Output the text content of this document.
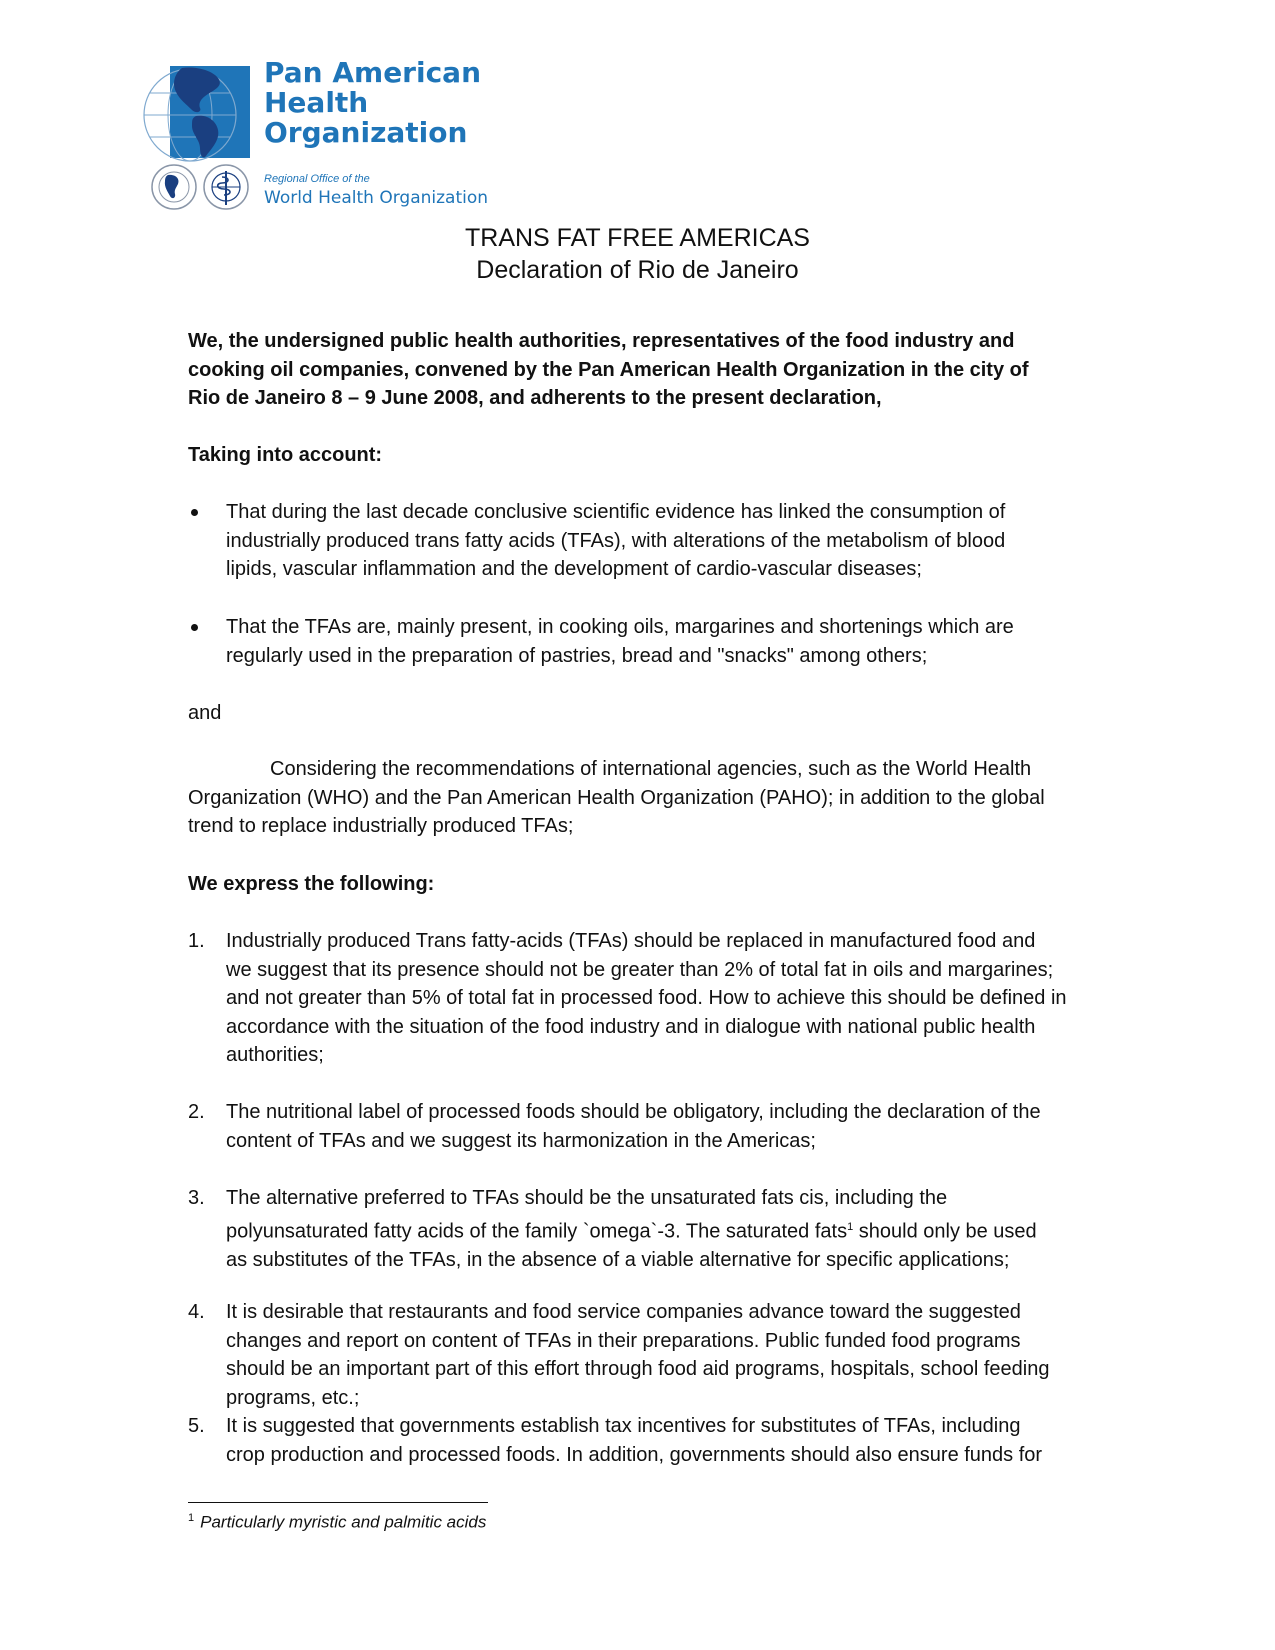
Pan American
Health
Organization
Regional Office of the
World Health Organization
TRANS FAT FREE AMERICAS
Declaration of Rio de Janeiro
We, the undersigned public health authorities, representatives of the food industry and
cooking oil companies, convened by the Pan American Health Organization in the city of
Rio de Janeiro 8 – 9 June 2008, and adherents to the present declaration,
Taking into account:
That during the last decade conclusive scientific evidence has linked the consumption of
industrially produced trans fatty acids (TFAs), with alterations of the metabolism of blood
lipids, vascular inflammation and the development of cardio-vascular diseases;
That the TFAs are, mainly present, in cooking oils, margarines and shortenings which are
regularly used in the preparation of pastries, bread and "snacks" among others;
and
Considering the recommendations of international agencies, such as the World Health
Organization (WHO) and the Pan American Health Organization (PAHO); in addition to the global
trend to replace industrially produced TFAs;
We express the following:
1.	Industrially produced Trans fatty-acids (TFAs) should be replaced in manufactured food and
we suggest that its presence should not be greater than 2% of total fat in oils and margarines;
and not greater than 5% of total fat in processed food. How to achieve this should be defined in
accordance with the situation of the food industry and in dialogue with national public health
authorities;
2.	The nutritional label of processed foods should be obligatory, including the declaration of the
content of TFAs and we suggest its harmonization in the Americas;
3.	The alternative preferred to TFAs should be the unsaturated fats cis, including the
polyunsaturated fatty acids of the family `omega`-3. The saturated fats$^1$ should only be used
as substitutes of the TFAs, in the absence of a viable alternative for specific applications;
4.	It is desirable that restaurants and food service companies advance toward the suggested
changes and report on content of TFAs in their preparations. Public funded food programs
should be an important part of this effort through food aid programs, hospitals, school feeding
programs, etc.;
5.	It is suggested that governments establish tax incentives for substitutes of TFAs, including
crop production and processed foods. In addition, governments should also ensure funds for
$^1$ Particularly myristic and palmitic acids
